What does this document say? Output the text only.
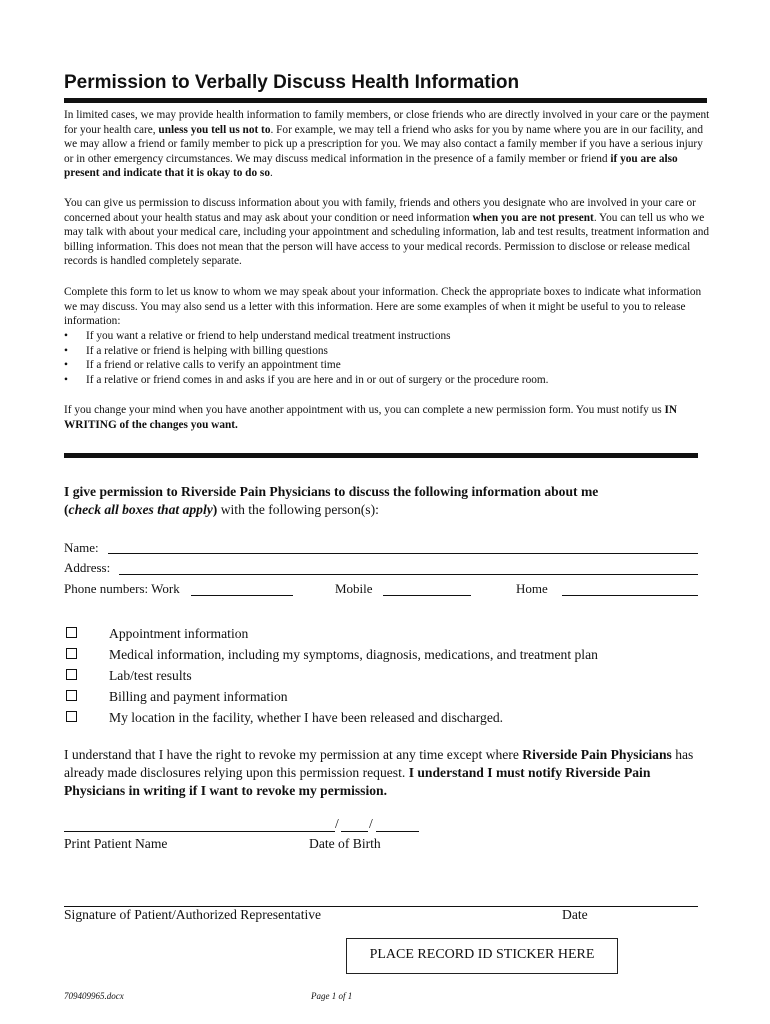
Permission to Verbally Discuss Health Information
In limited cases, we may provide health information to family members, or close friends who are directly involved in your care or the payment for your health care, unless you tell us not to. For example, we may tell a friend who asks for you by name where you are in our facility, and we may allow a friend or family member to pick up a prescription for you. We may also contact a family member if you have a serious injury or in other emergency circumstances. We may discuss medical information in the presence of a family member or friend if you are also present and indicate that it is okay to do so.
You can give us permission to discuss information about you with family, friends and others you designate who are involved in your care or concerned about your health status and may ask about your condition or need information when you are not present. You can tell us who we may talk with about your medical care, including your appointment and scheduling information, lab and test results, treatment information and billing information. This does not mean that the person will have access to your medical records. Permission to disclose or release medical records is handled completely separate.
Complete this form to let us know to whom we may speak about your information. Check the appropriate boxes to indicate what information we may discuss. You may also send us a letter with this information. Here are some examples of when it might be useful to you to release information:
• If you want a relative or friend to help understand medical treatment instructions
• If a relative or friend is helping with billing questions
• If a friend or relative calls to verify an appointment time
• If a relative or friend comes in and asks if you are here and in or out of surgery or the procedure room.
If you change your mind when you have another appointment with us, you can complete a new permission form. You must notify us IN WRITING of the changes you want.
I give permission to Riverside Pain Physicians to discuss the following information about me
(check all boxes that apply) with the following person(s):
Name:
Address:
Phone numbers: Work	Mobile	Home
Appointment information
Medical information, including my symptoms, diagnosis, medications, and treatment plan
Lab/test results
Billing and payment information
My location in the facility, whether I have been released and discharged.
I understand that I have the right to revoke my permission at any time except where Riverside Pain Physicians has already made disclosures relying upon this permission request. I understand I must notify Riverside Pain Physicians in writing if I want to revoke my permission.
/ /
Print Patient Name	Date of Birth
Signature of Patient/Authorized Representative	Date
PLACE RECORD ID STICKER HERE
709409965.docx	Page 1 of 1
